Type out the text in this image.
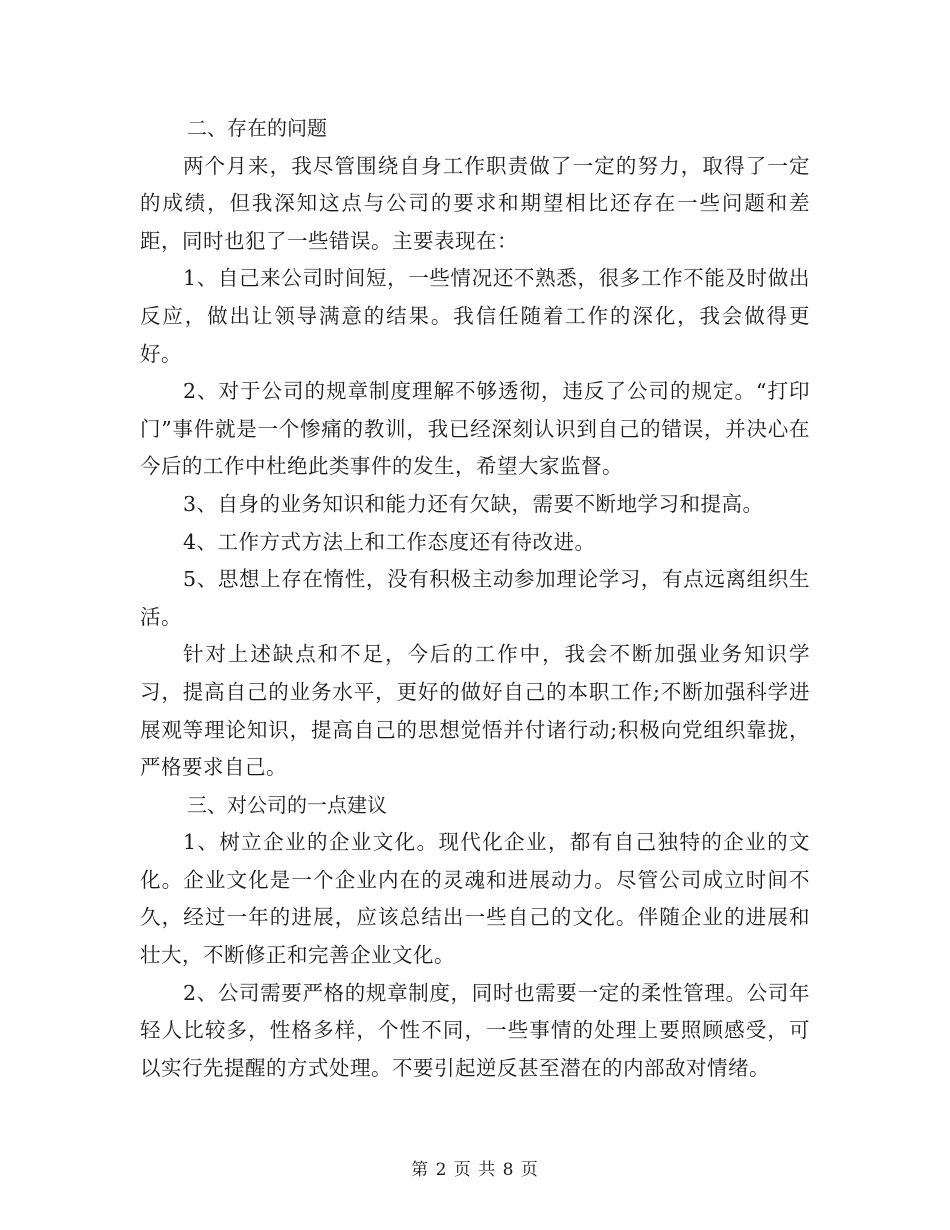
二、存在的问题

两个月来，我尽管围绕自身工作职责做了一定的努力，取得了一定的成绩，但我深知这点与公司的要求和期望相比还存在一些问题和差距，同时也犯了一些错误。主要表现在：

1、自己来公司时间短，一些情况还不熟悉，很多工作不能及时做出反应，做出让领导满意的结果。我信任随着工作的深化，我会做得更好。

2、对于公司的规章制度理解不够透彻，违反了公司的规定。“打印门”事件就是一个惨痛的教训，我已经深刻认识到自己的错误，并决心在今后的工作中杜绝此类事件的发生，希望大家监督。

3、自身的业务知识和能力还有欠缺，需要不断地学习和提高。

4、工作方式方法上和工作态度还有待改进。

5、思想上存在惰性，没有积极主动参加理论学习，有点远离组织生活。

针对上述缺点和不足，今后的工作中，我会不断加强业务知识学习，提高自己的业务水平，更好的做好自己的本职工作;不断加强科学进展观等理论知识，提高自己的思想觉悟并付诸行动;积极向党组织靠拢，严格要求自己。

三、对公司的一点建议

1、树立企业的企业文化。现代化企业，都有自己独特的企业的文化。企业文化是一个企业内在的灵魂和进展动力。尽管公司成立时间不久，经过一年的进展，应该总结出一些自己的文化。伴随企业的进展和壮大，不断修正和完善企业文化。

2、公司需要严格的规章制度，同时也需要一定的柔性管理。公司年轻人比较多，性格多样，个性不同，一些事情的处理上要照顾感受，可以实行先提醒的方式处理。不要引起逆反甚至潜在的内部敌对情绪。

第 2 页 共 8 页
